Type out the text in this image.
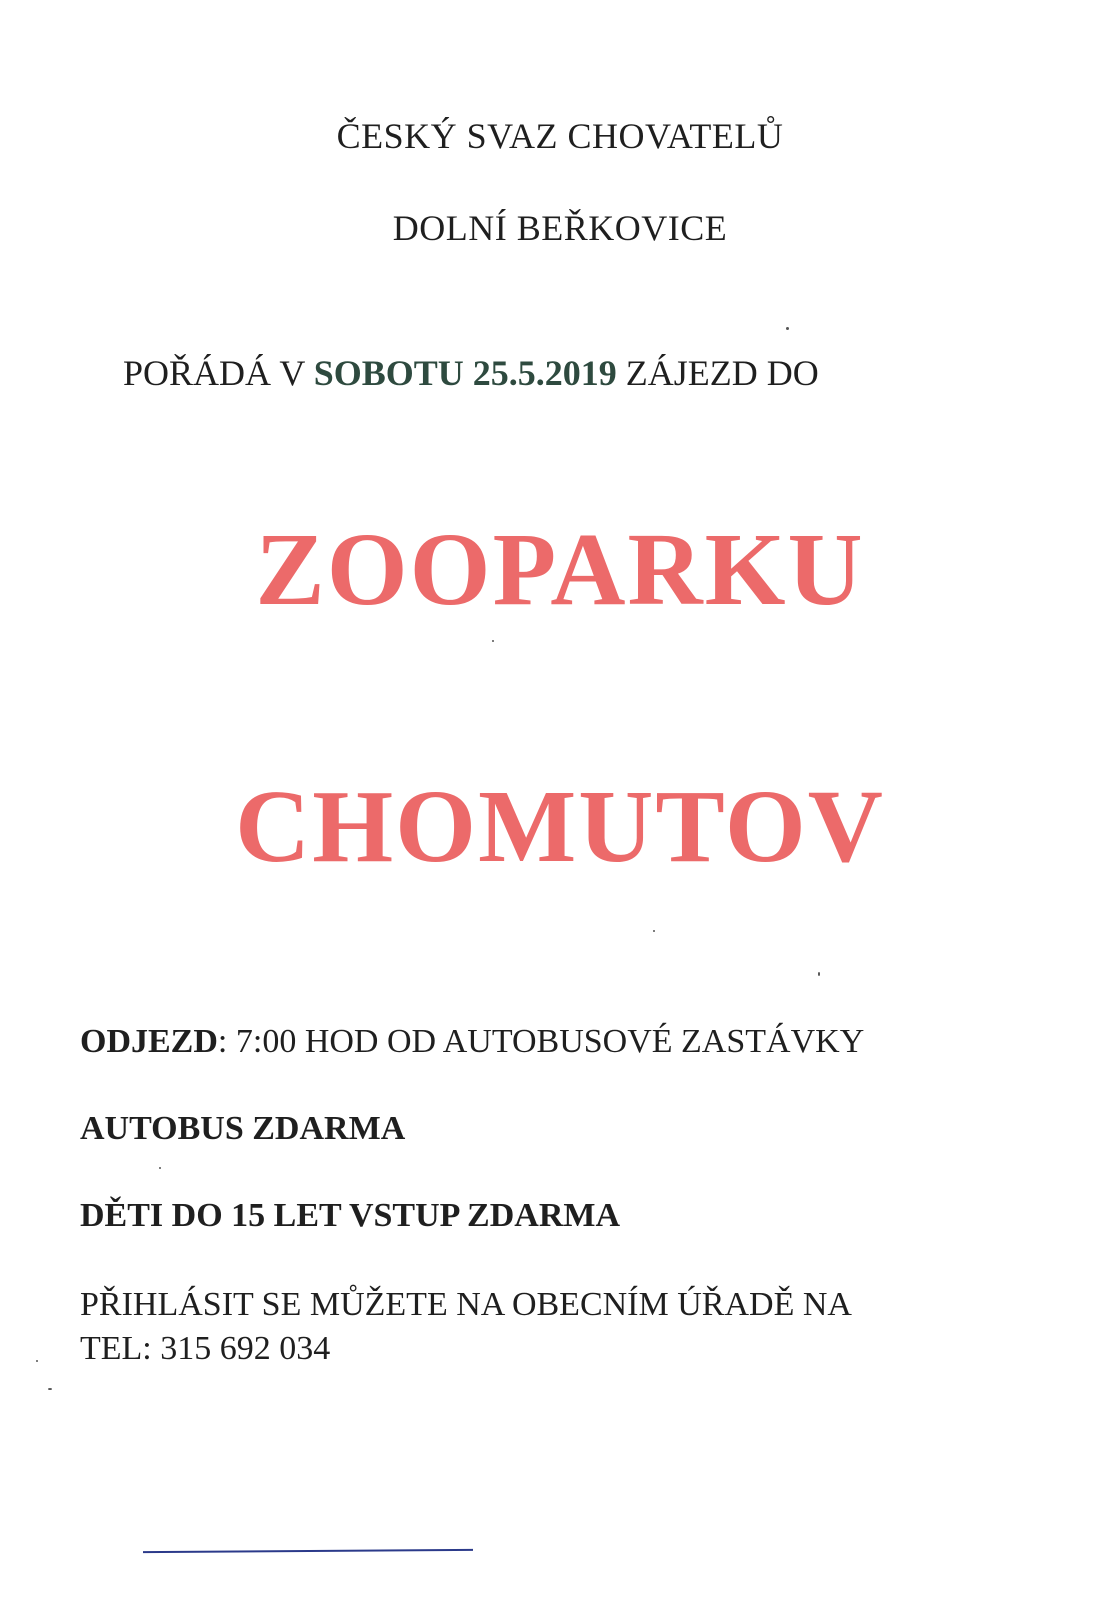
ČESKÝ SVAZ CHOVATELŮ

DOLNÍ BEŘKOVICE

POŘÁDÁ V SOBOTU 25.5.2019 ZÁJEZD DO

ZOOPARKU

CHOMUTOV

ODJEZD: 7:00 HOD OD AUTOBUSOVÉ ZASTÁVKY

AUTOBUS ZDARMA

DĚTI DO 15 LET VSTUP ZDARMA

PŘIHLÁSIT SE MŮŽETE NA OBECNÍM ÚŘADĚ NA

TEL: 315 692 034
